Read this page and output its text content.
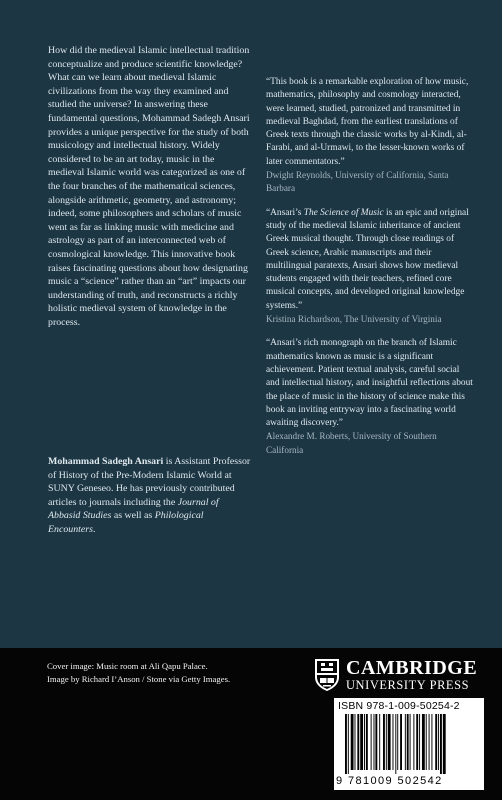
How did the medieval Islamic intellectual tradition conceptualize and produce scientific knowledge? What can we learn about medieval Islamic civilizations from the way they examined and studied the universe? In answering these fundamental questions, Mohammad Sadegh Ansari provides a unique perspective for the study of both musicology and intellectual history. Widely considered to be an art today, music in the medieval Islamic world was categorized as one of the four branches of the mathematical sciences, alongside arithmetic, geometry, and astronomy; indeed, some philosophers and scholars of music went as far as linking music with medicine and astrology as part of an interconnected web of cosmological knowledge. This innovative book raises fascinating questions about how designating music a “science” rather than an “art” impacts our understanding of truth, and reconstructs a richly holistic medieval system of knowledge in the process.

Mohammad Sadegh Ansari is Assistant Professor of History of the Pre-Modern Islamic World at SUNY Geneseo. He has previously contributed articles to journals including the Journal of Abbasid Studies as well as Philological Encounters.

“This book is a remarkable exploration of how music, mathematics, philosophy and cosmology interacted, were learned, studied, patronized and transmitted in medieval Baghdad, from the earliest translations of Greek texts through the classic works by al-Kindi, al-Farabi, and al-Urmawi, to the lesser-known works of later commentators.”

Dwight Reynolds, University of California, Santa Barbara

“Ansari’s The Science of Music is an epic and original study of the medieval Islamic inheritance of ancient Greek musical thought. Through close readings of Greek science, Arabic manuscripts and their multilingual paratexts, Ansari shows how medieval students engaged with their teachers, refined core musical concepts, and developed original knowledge systems.”

Kristina Richardson, The University of Virginia

“Ansari’s rich monograph on the branch of Islamic mathematics known as music is a significant achievement. Patient textual analysis, careful social and intellectual history, and insightful reflections about the place of music in the history of science make this book an inviting entryway into a fascinating world awaiting discovery.”

Alexandre M. Roberts, University of Southern California

Cover image: Music room at Ali Qapu Palace.
Image by Richard I’Anson / Stone via Getty Images.	CAMBRIDGE
UNIVERSITY PRESS
ISBN 978-1-009-50254-2
9 781009 502542
